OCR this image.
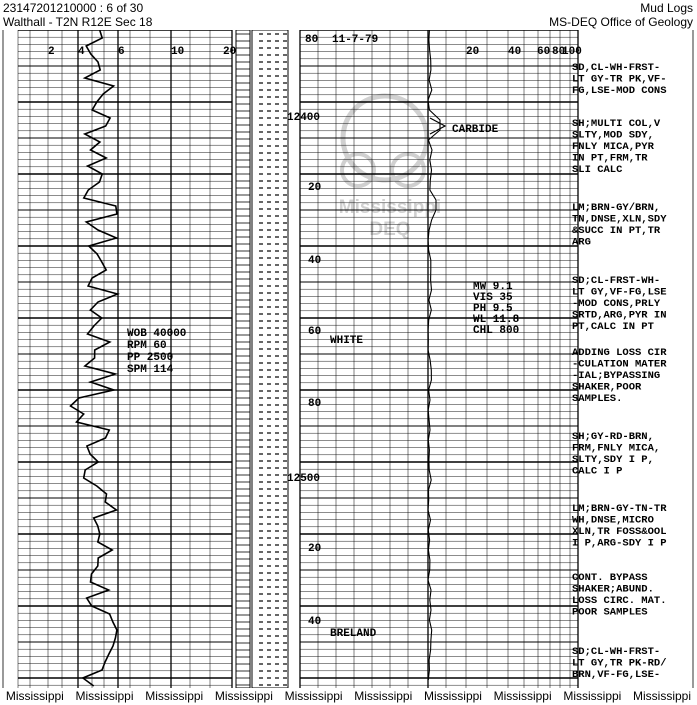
23147201210000 : 6 of 30	Mud Logs
Walthall - T2N R12E Sec 18	MS-DEQ Office of Geology
Mississippi
DEQ
2 4	6	10	20	20	40 60 80
100
11-7-79
80
12400
20
40
60
80
12500
20
40
CARBIDE
WHITE
BRELAND
WOB 40000
RPM 60
PP 2500
SPM 114
MW 9.1
VIS 35
PH 9.5
WL 11.8
CHL 800
SD,CL-WH-FRST-
LT GY-TR PK,VF-
FG,LSE-MOD CONS
SH;MULTI COL,V
SLTY,MOD SDY,
FNLY MICA,PYR
IN PT,FRM,TR
SLI CALC
LM;BRN-GY/BRN,
TN,DNSE,XLN,SDY
&SUCC IN PT,TR
ARG
SD;CL-FRST-WH-
LT GY,VF-FG,LSE
-MOD CONS,PRLY
SRTD,ARG,PYR IN
PT,CALC IN PT
ADDING LOSS CIR
-CULATION MATER
-IAL;BYPASSING
SHAKER,POOR
SAMPLES.
SH;GY-RD-BRN,
FRM,FNLY MICA,
SLTY,SDY I P,
CALC I P
LM;BRN-GY-TN-TR
WH,DNSE,MICRO
XLN,TR FOSS&OOL
I P,ARG-SDY I P
CONT. BYPASS
SHAKER;ABUND.
LOSS CIRC. MAT.
POOR SAMPLES
SD;CL-WH-FRST-
LT GY,TR PK-RD/
BRN,VF-FG,LSE-
Mississippi Mississippi Mississippi Mississippi Mississippi Mississippi Mississippi Mississippi Mississippi Mississippi
